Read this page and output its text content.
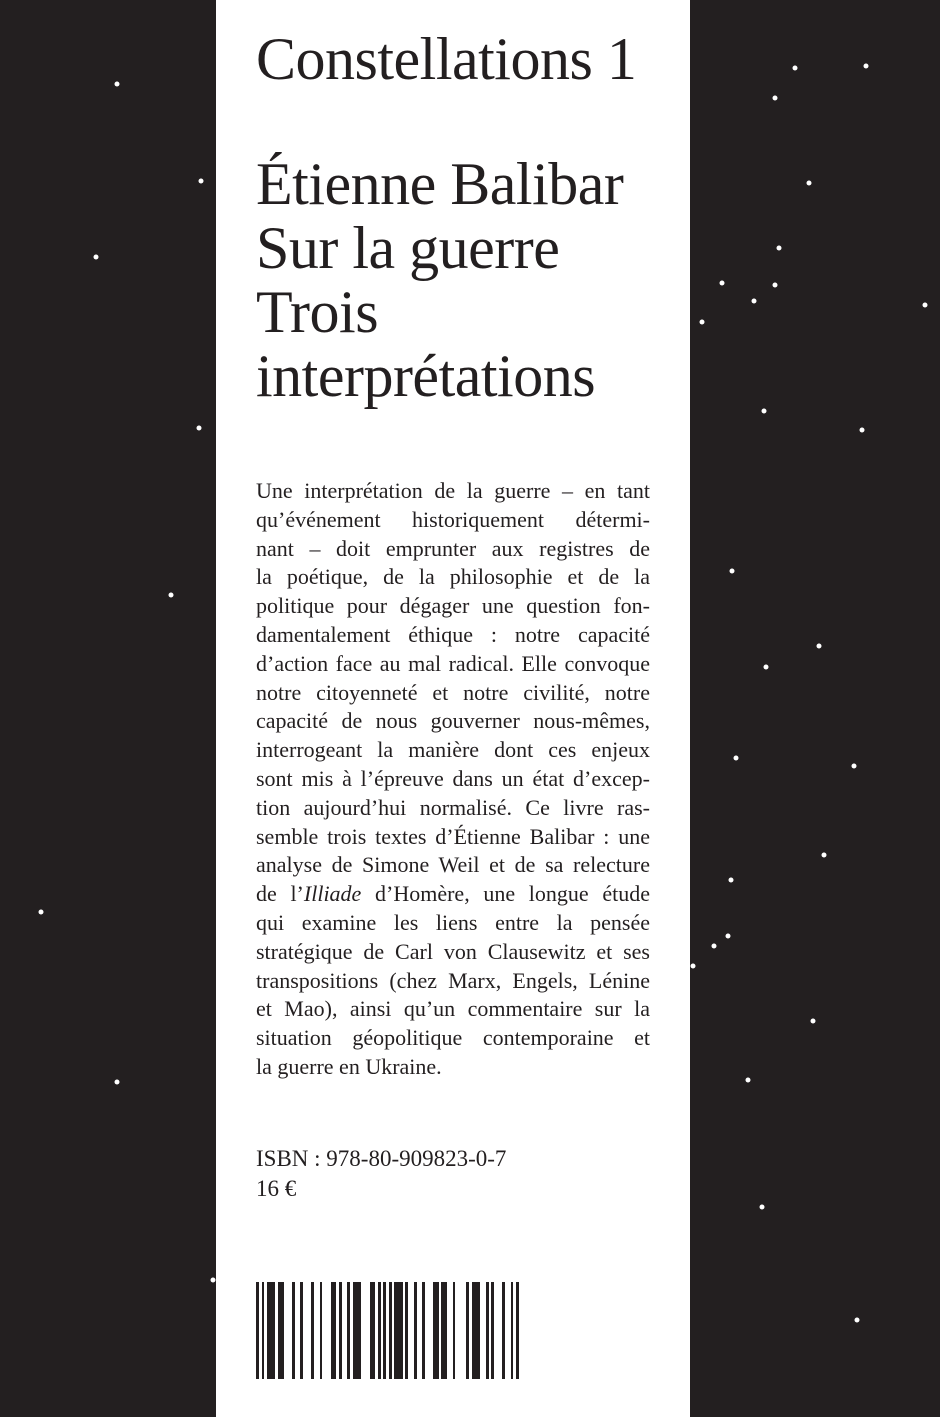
Constellations 1
Étienne Balibar
Sur la guerre
Trois
interprétations
Une interprétation de la guerre – en tant
qu’événement historiquement détermi-
nant – doit emprunter aux registres de
la poétique, de la philosophie et de la
politique pour dégager une question fon-
damentalement éthique : notre capacité
d’action face au mal radical. Elle convoque
notre citoyenneté et notre civilité, notre
capacité de nous gouverner nous-mêmes,
interrogeant la manière dont ces enjeux
sont mis à l’épreuve dans un état d’excep-
tion aujourd’hui normalisé. Ce livre ras-
semble trois textes d’Étienne Balibar : une
analyse de Simone Weil et de sa relecture
de l’Illiade d’Homère, une longue étude
qui examine les liens entre la pensée
stratégique de Carl von Clausewitz et ses
transpositions (chez Marx, Engels, Lénine
et Mao), ainsi qu’un commentaire sur la
situation géopolitique contemporaine et
la guerre en Ukraine.
ISBN : 978-80-909823-0-7
16 €
